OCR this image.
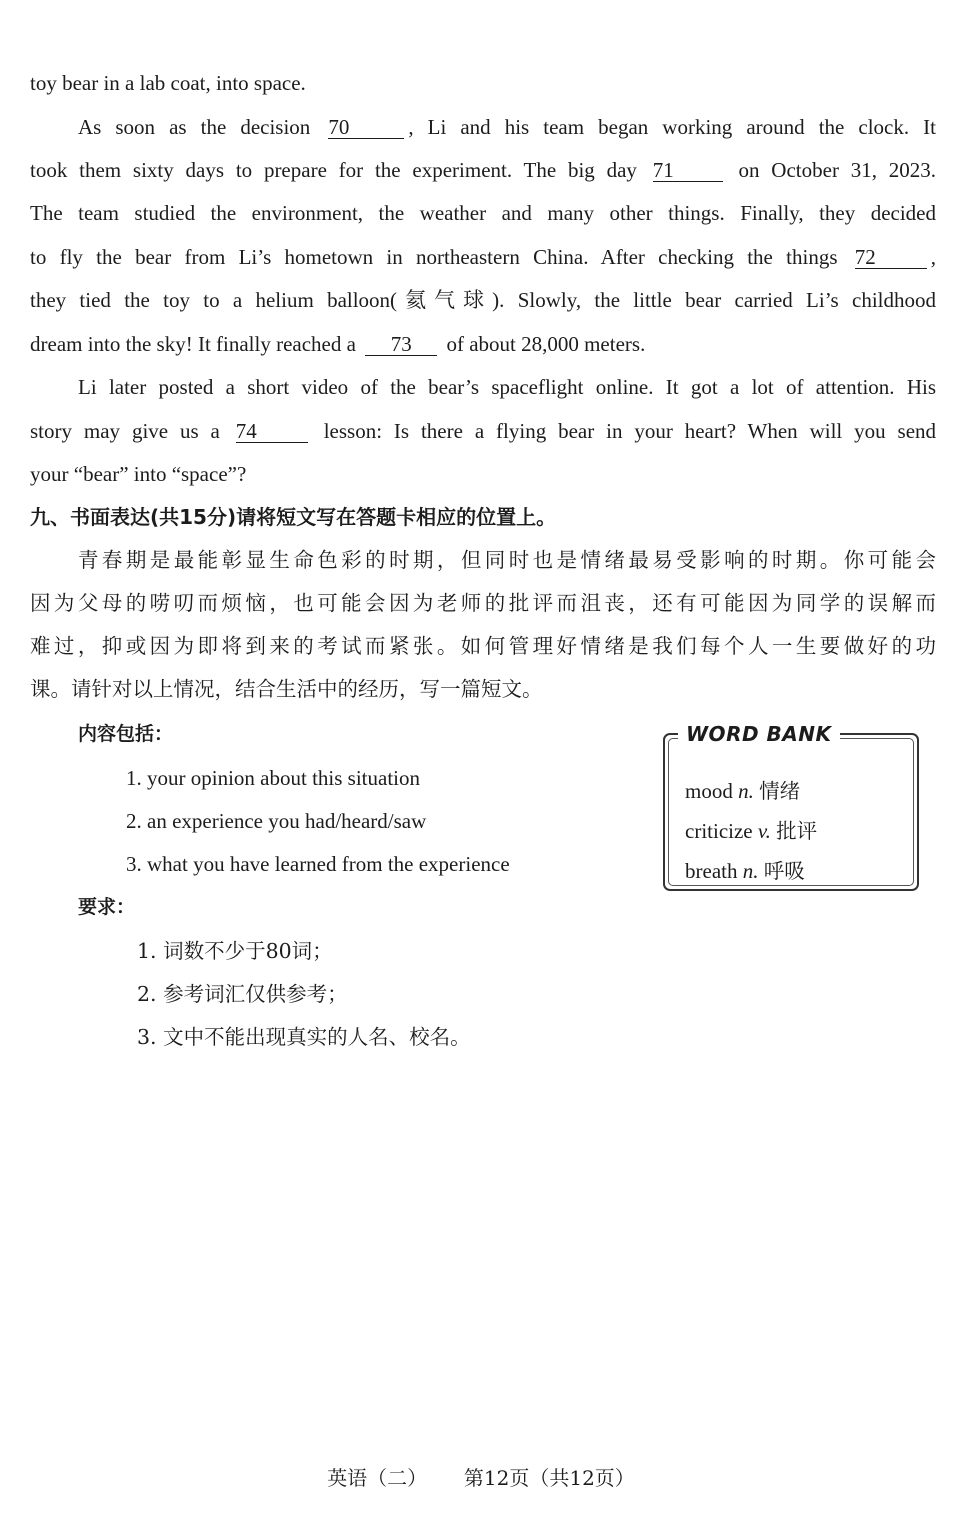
toy bear in a lab coat, into space.
As soon as the decision 70	, Li and his team began working around the clock. It
took them sixty days to prepare for the experiment. The big day 71	on October 31, 2023.
The team studied the environment, the weather and many other things. Finally, they decided
to fly the bear from Li’s hometown in northeastern China. After checking the things 72	,
they tied the toy to a helium balloon(氦气球). Slowly, the little bear carried Li’s childhood
dream into the sky! It finally reached a 73 of about 28,000 meters.
Li later posted a short video of the bear’s spaceflight online. It got a lot of attention. His
story may give us a 74	lesson: Is there a flying bear in your heart? When will you send
your “bear” into “space”?
九、书面表达(共15分)请将短文写在答题卡相应的位置上。
青春期是最能彰显生命色彩的时期，但同时也是情绪最易受影响的时期。你可能会
因为父母的唠叨而烦恼，也可能会因为老师的批评而沮丧，还有可能因为同学的误解而
难过，抑或因为即将到来的考试而紧张。如何管理好情绪是我们每个人一生要做好的功
课。请针对以上情况，结合生活中的经历，写一篇短文。
内容包括：
1. your opinion about this situation
2. an experience you had/heard/saw
3. what you have learned from the experience
要求：
1. 词数不少于80词；
2. 参考词汇仅供参考；
3. 文中不能出现真实的人名、校名。
WORD BANK
mood n. 情绪
criticize v. 批评
breath n. 呼吸
英语（二） 第12页（共12页）
